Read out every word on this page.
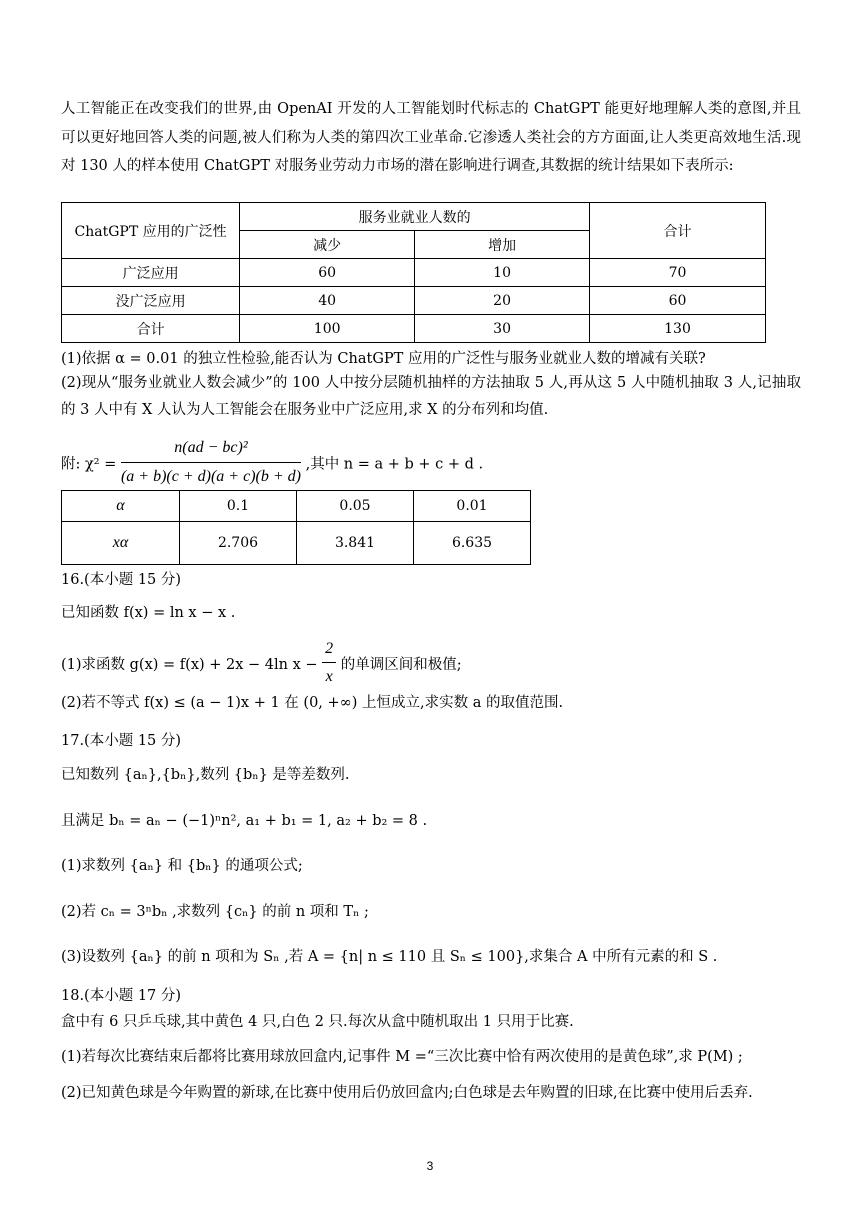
人工智能正在改变我们的世界,由 OpenAI 开发的人工智能划时代标志的 ChatGPT 能更好地理解人类的意图,并且可以更好地回答人类的问题,被人们称为人类的第四次工业革命.它渗透人类社会的方方面面,让人类更高效地生活.现对 130 人的样本使用 ChatGPT 对服务业劳动力市场的潜在影响进行调查,其数据的统计结果如下表所示:
ChatGPT 应用的广泛性	服务业就业人数的		合计
	减少	增加	
广泛应用	60	10	70
没广泛应用	40	20	60
合计	100	30	130
(1)依据 α = 0.01 的独立性检验,能否认为 ChatGPT 应用的广泛性与服务业就业人数的增减有关联?
(2)现从“服务业就业人数会减少”的 100 人中按分层随机抽样的方法抽取 5 人,再从这 5 人中随机抽取 3 人,记抽取的 3 人中有 X 人认为人工智能会在服务业中广泛应用,求 X 的分布列和均值.
附: $\chi^2 = \frac{\text{n(ad − bc)²}}{(a + b)(c + d)(a + c)(b + d)}$ ,其中 n = a + b + c + d .
α	0.1	0.05	0.01
xα	2.706	3.841	6.635
16.(本小题 15 分)
已知函数 f(x) = ln x − x .
(1)求函数 g(x) = f(x) + 2x − 4ln $x - \frac{2}{x}$ 的单调区间和极值;
(2)若不等式 f(x) ≤ (a − 1)x + 1 在 (0, +∞) 上恒成立,求实数 a 的取值范围.
17.(本小题 15 分)
已知数列 {aₙ},{bₙ},数列 {bₙ} 是等差数列.
且满足 bₙ = aₙ − (−1)ⁿn², a₁ + b₁ = 1, a₂ + b₂ = 8 .
(1)求数列 {aₙ} 和 {bₙ} 的通项公式;
(2)若 cₙ = 3ⁿbₙ ,求数列 {cₙ} 的前 n 项和 Tₙ ;
(3)设数列 {aₙ} 的前 n 项和为 Sₙ ,若 A = {n| n ≤ 110 且 Sₙ ≤ 100},求集合 A 中所有元素的和 S .
18.(本小题 17 分)
盒中有 6 只乒乓球,其中黄色 4 只,白色 2 只.每次从盒中随机取出 1 只用于比赛.
(1)若每次比赛结束后都将比赛用球放回盒内,记事件 M =“三次比赛中恰有两次使用的是黄色球”,求 P(M) ;
(2)已知黄色球是今年购置的新球,在比赛中使用后仍放回盒内;白色球是去年购置的旧球,在比赛中使用后丢弃.
3
